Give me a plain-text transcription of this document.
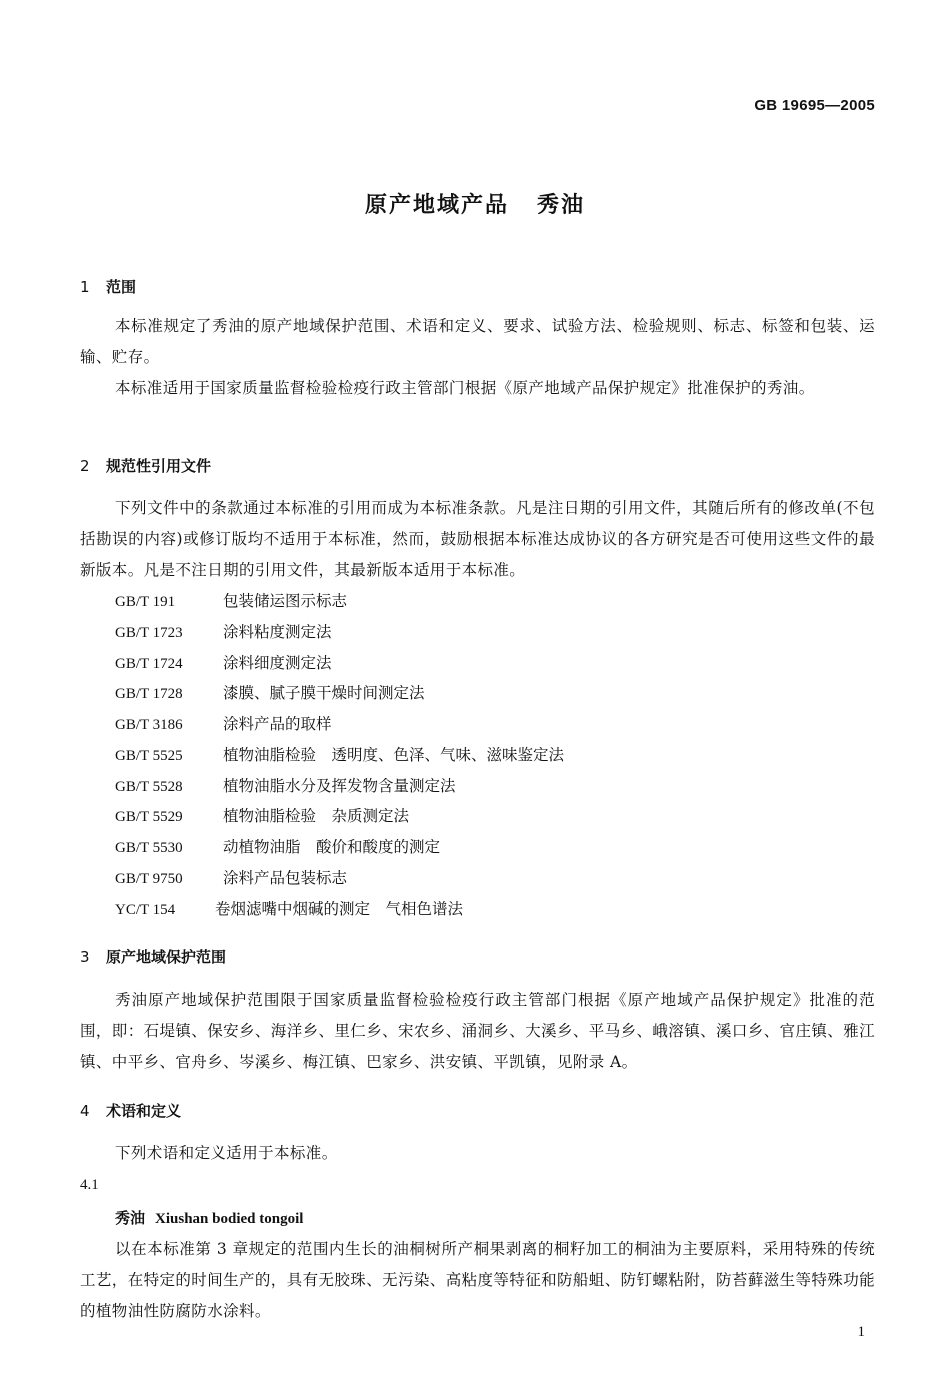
GB 19695—2005
原产地域产品 秀油
1 范围
本标准规定了秀油的原产地域保护范围、术语和定义、要求、试验方法、检验规则、标志、标签和包装、运输、贮存。
本标准适用于国家质量监督检验检疫行政主管部门根据《原产地域产品保护规定》批准保护的秀油。
2 规范性引用文件
下列文件中的条款通过本标准的引用而成为本标准条款。凡是注日期的引用文件，其随后所有的修改单(不包括勘误的内容)或修订版均不适用于本标准，然而，鼓励根据本标准达成协议的各方研究是否可使用这些文件的最新版本。凡是不注日期的引用文件，其最新版本适用于本标准。
GB/T 191	包装储运图示标志
GB/T 1723	涂料粘度测定法
GB/T 1724	涂料细度测定法
GB/T 1728	漆膜、腻子膜干燥时间测定法
GB/T 3186	涂料产品的取样
GB/T 5525	植物油脂检验　透明度、色泽、气味、滋味鉴定法
GB/T 5528	植物油脂水分及挥发物含量测定法
GB/T 5529	植物油脂检验　杂质测定法
GB/T 5530	动植物油脂　酸价和酸度的测定
GB/T 9750	涂料产品包装标志
YC/T 154	卷烟滤嘴中烟碱的测定　气相色谱法
3 原产地域保护范围
秀油原产地域保护范围限于国家质量监督检验检疫行政主管部门根据《原产地域产品保护规定》批准的范围，即：石堤镇、保安乡、海洋乡、里仁乡、宋农乡、涌洞乡、大溪乡、平马乡、峨溶镇、溪口乡、官庄镇、雅江镇、中平乡、官舟乡、岑溪乡、梅江镇、巴家乡、洪安镇、平凯镇，见附录 A。
4 术语和定义
下列术语和定义适用于本标准。
4.1
秀油 Xiushan bodied tongoil
以在本标准第 3 章规定的范围内生长的油桐树所产桐果剥离的桐籽加工的桐油为主要原料，采用特殊的传统工艺，在特定的时间生产的，具有无胶珠、无污染、高粘度等特征和防船蛆、防钉螺粘附，防苔藓滋生等特殊功能的植物油性防腐防水涂料。
1
